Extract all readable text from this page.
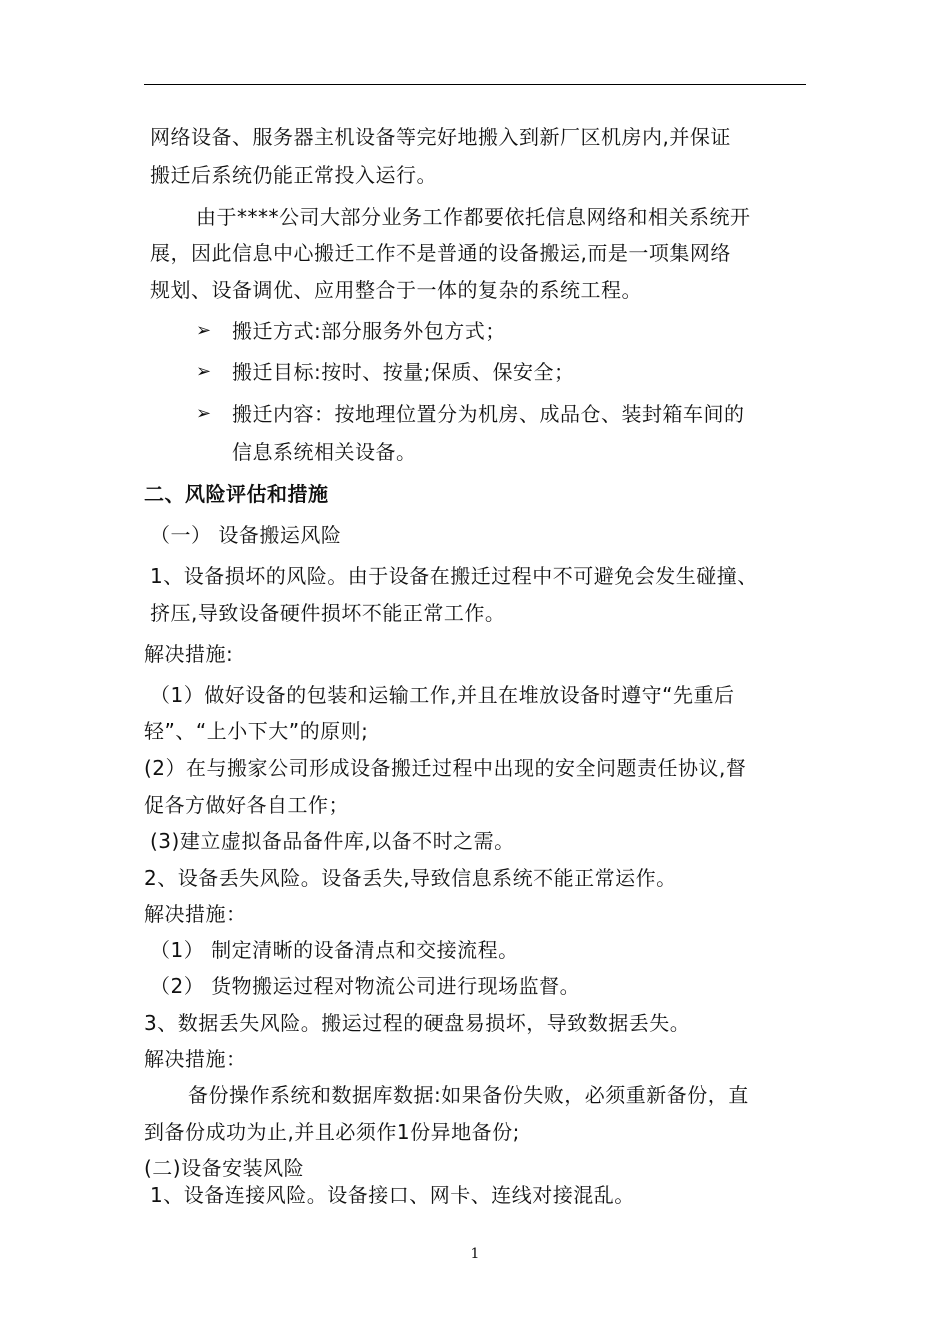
网络设备、服务器主机设备等完好地搬入到新厂区机房内,并保证
搬迁后系统仍能正常投入运行。
由于****公司大部分业务工作都要依托信息网络和相关系统开
展，因此信息中心搬迁工作不是普通的设备搬运,而是一项集网络
规划、设备调优、应用整合于一体的复杂的系统工程。
➢ 搬迁方式:部分服务外包方式；
➢ 搬迁目标:按时、按量;保质、保安全；
➢ 搬迁内容：按地理位置分为机房、成品仓、装封箱车间的
信息系统相关设备。
二、风险评估和措施
（一） 设备搬运风险
1、设备损坏的风险。由于设备在搬迁过程中不可避免会发生碰撞、
挤压,导致设备硬件损坏不能正常工作。
解决措施:
（1）做好设备的包装和运输工作,并且在堆放设备时遵守“先重后
轻”、“上小下大”的原则;
(2）在与搬家公司形成设备搬迁过程中出现的安全问题责任协议,督
促各方做好各自工作；
(3)建立虚拟备品备件库,以备不时之需。
2、设备丢失风险。设备丢失,导致信息系统不能正常运作。
解决措施：
（1） 制定清晰的设备清点和交接流程。
（2） 货物搬运过程对物流公司进行现场监督。
3、数据丢失风险。搬运过程的硬盘易损坏，导致数据丢失。
解决措施：
备份操作系统和数据库数据:如果备份失败，必须重新备份，直
到备份成功为止,并且必须作1份异地备份;
(二)设备安装风险
1、设备连接风险。设备接口、网卡、连线对接混乱。
1
